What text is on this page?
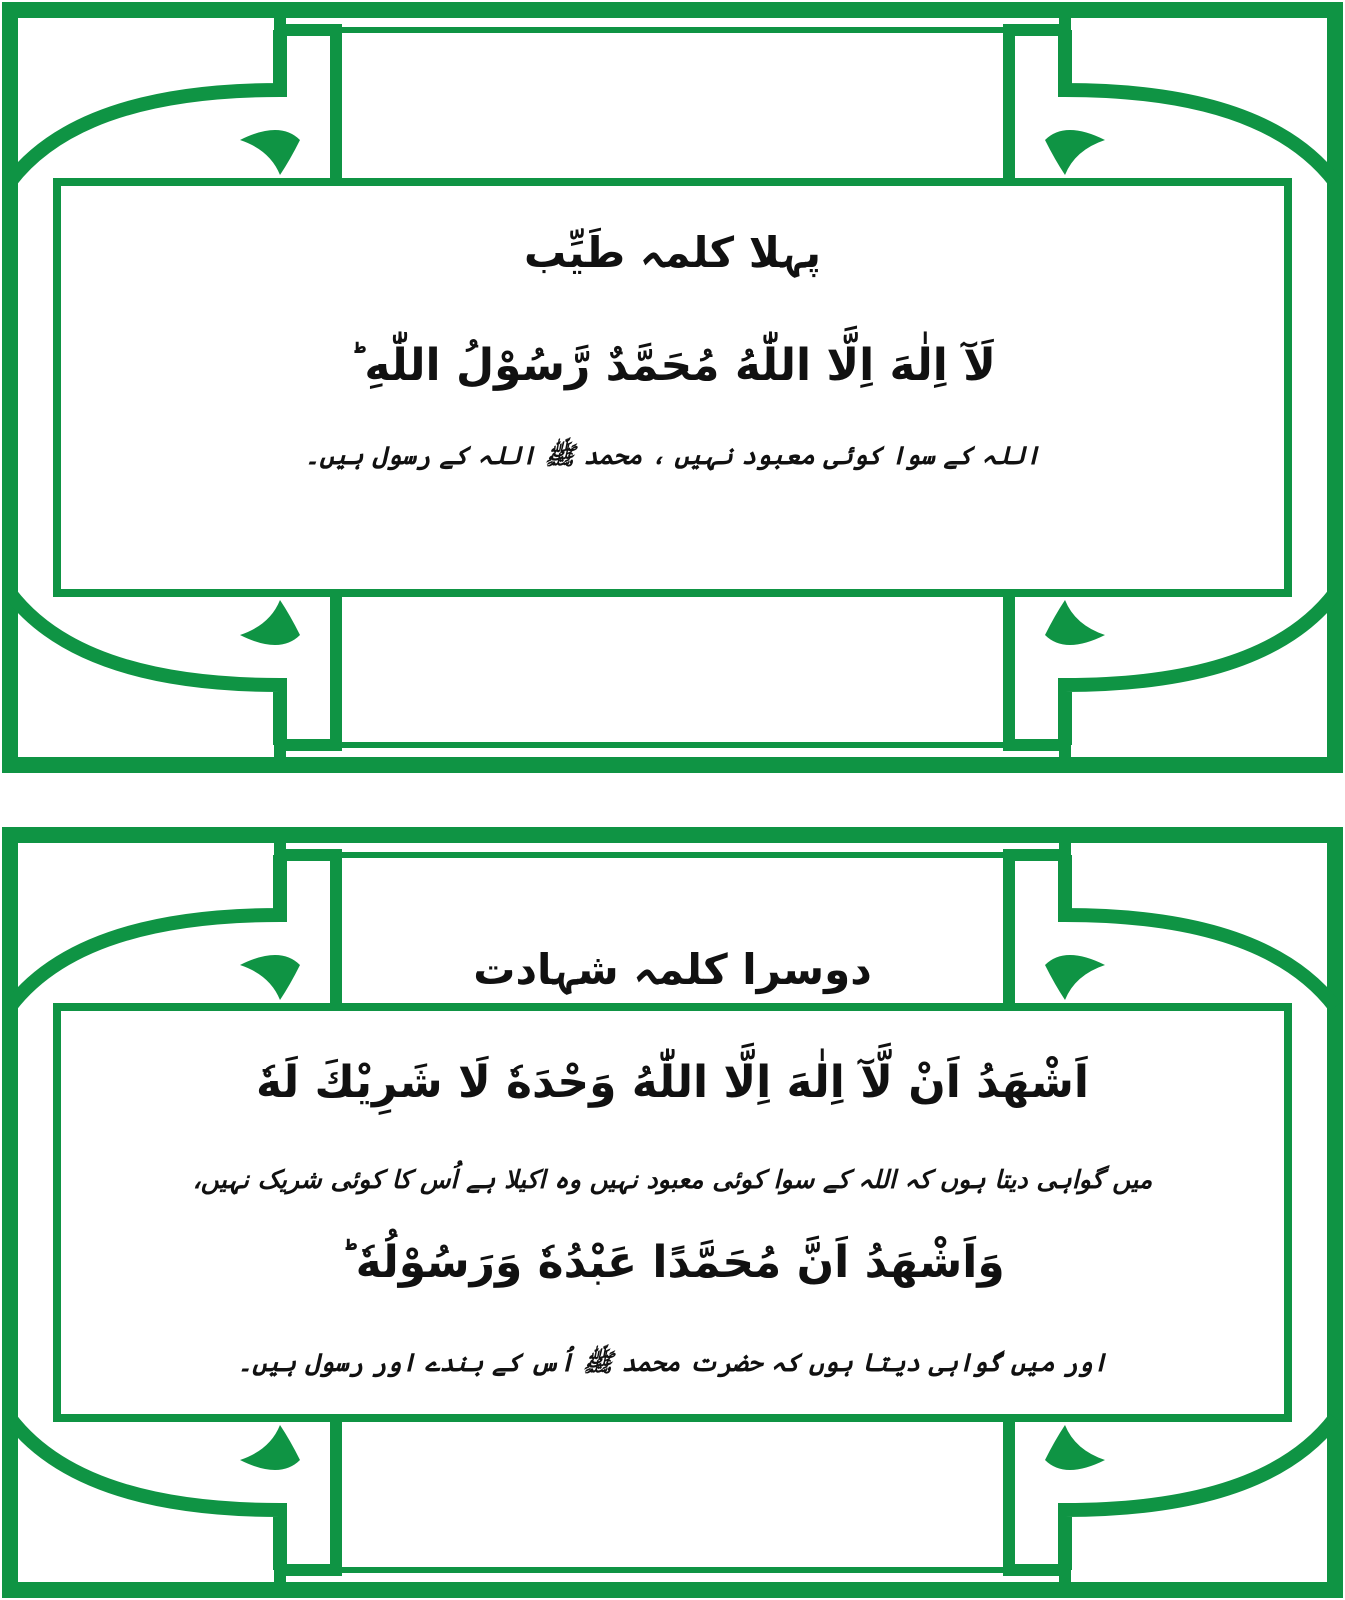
پہلا کلمہ طَیِّب
لَآ اِلٰهَ اِلَّا اللّٰهُ مُحَمَّدٌ رَّسُوْلُ اللّٰهِ ؕ
اللہ کے سوا کوئی معبود نہیں ، محمد ﷺ اللہ کے رسول ہیں۔
دوسرا کلمہ شہادت
اَشْهَدُ اَنْ لَّآ اِلٰهَ اِلَّا اللّٰهُ وَحْدَهٗ لَا شَرِيْكَ لَهٗ
میں گواہی دیتا ہوں کہ اللہ کے سوا کوئی معبود نہیں وہ اکیلا ہے اُس کا کوئی شریک نہیں،
وَاَشْهَدُ اَنَّ مُحَمَّدًا عَبْدُهٗ وَرَسُوْلُهٗ ؕ
اور میں گواہی دیتا ہوں کہ حضرت محمد ﷺ اُس کے بندے اور رسول ہیں۔
